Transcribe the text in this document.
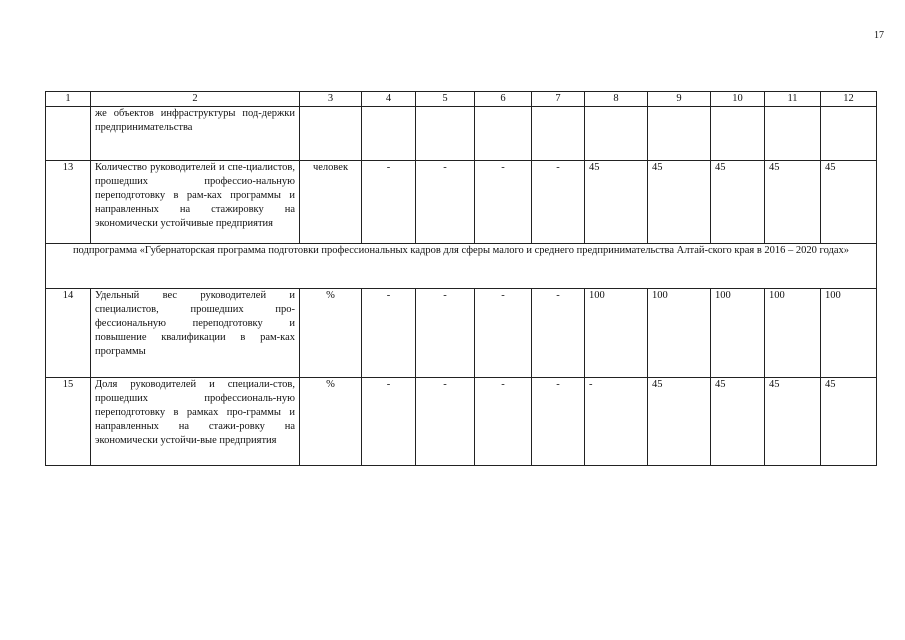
17
1	2	3	4	5	6	7	8	9	10	11	12
	же объектов инфраструктуры под-держки предпринимательства										
13	Количество руководителей и спе-циалистов, прошедших профессио-нальную переподготовку в рам-ках программы и направленных на стажировку на экономически устойчивые предприятия	человек	-	-	-	-	45	45	45	45	45
подпрограмма «Губернаторская программа подготовки профессиональных кадров для сферы малого и среднего предпринимательства Алтай-ского края в 2016 – 2020 годах»											
14	Удельный вес руководителей и специалистов, прошедших про-фессиональную переподготовку и повышение квалификации в рам-ках программы	%	-	-	-	-	100	100	100	100	100
15	Доля руководителей и специали-стов, прошедших профессиональ-ную переподготовку в рамках про-граммы и направленных на стажи-ровку на экономически устойчи-вые предприятия	%	-	-	-	-	-	45	45	45	45
